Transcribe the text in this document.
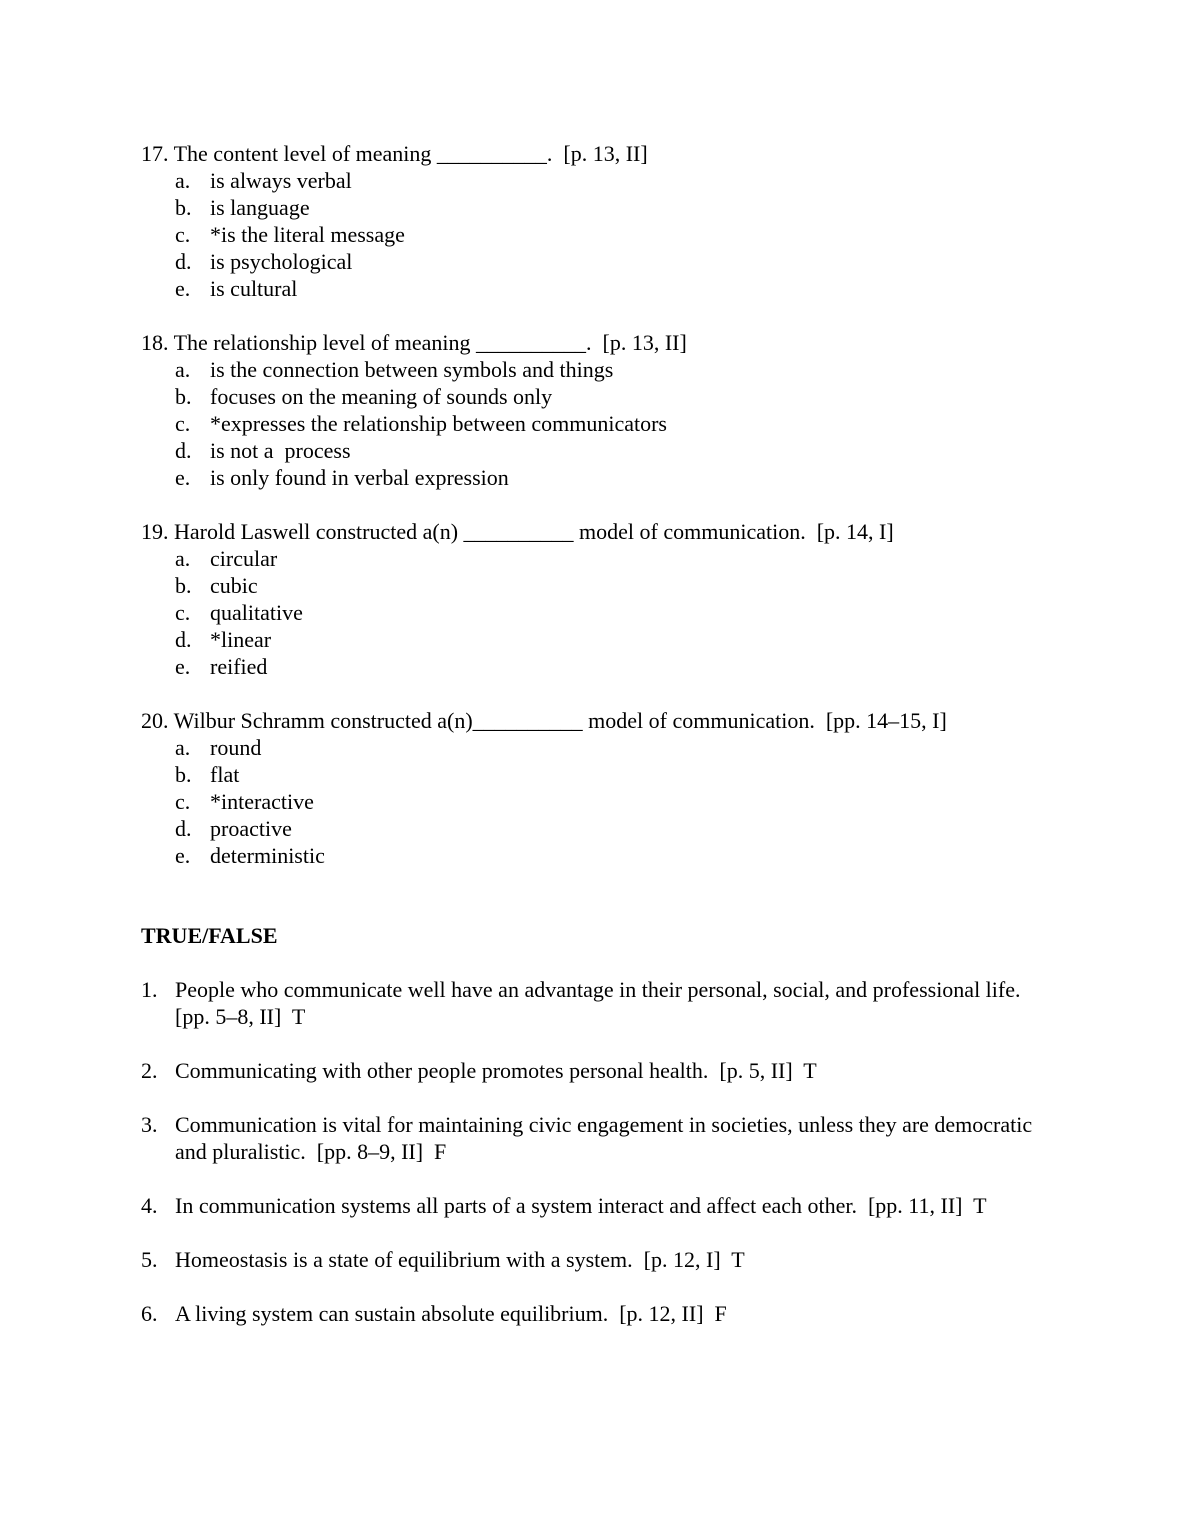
17. The content level of meaning __________.  [p. 13, II]
a. is always verbal
b. is language
c. *is the literal message
d. is psychological
e. is cultural
18. The relationship level of meaning __________.  [p. 13, II]
a. is the connection between symbols and things
b. focuses on the meaning of sounds only
c. *expresses the relationship between communicators
d. is not a  process
e. is only found in verbal expression
19. Harold Laswell constructed a(n) __________ model of communication.  [p. 14, I]
a. circular
b. cubic
c. qualitative
d. *linear
e. reified
20. Wilbur Schramm constructed a(n)__________ model of communication.  [pp. 14–15, I]
a. round
b. flat
c. *interactive
d. proactive
e. deterministic
TRUE/FALSE
1. People who communicate well have an advantage in their personal, social, and professional life.  [pp. 5–8, II]  T
2. Communicating with other people promotes personal health.  [p. 5, II]  T
3. Communication is vital for maintaining civic engagement in societies, unless they are democratic and pluralistic.  [pp. 8–9, II]  F
4. In communication systems all parts of a system interact and affect each other.  [pp. 11, II]  T
5. Homeostasis is a state of equilibrium with a system.  [p. 12, I]  T
6. A living system can sustain absolute equilibrium.  [p. 12, II]  F
